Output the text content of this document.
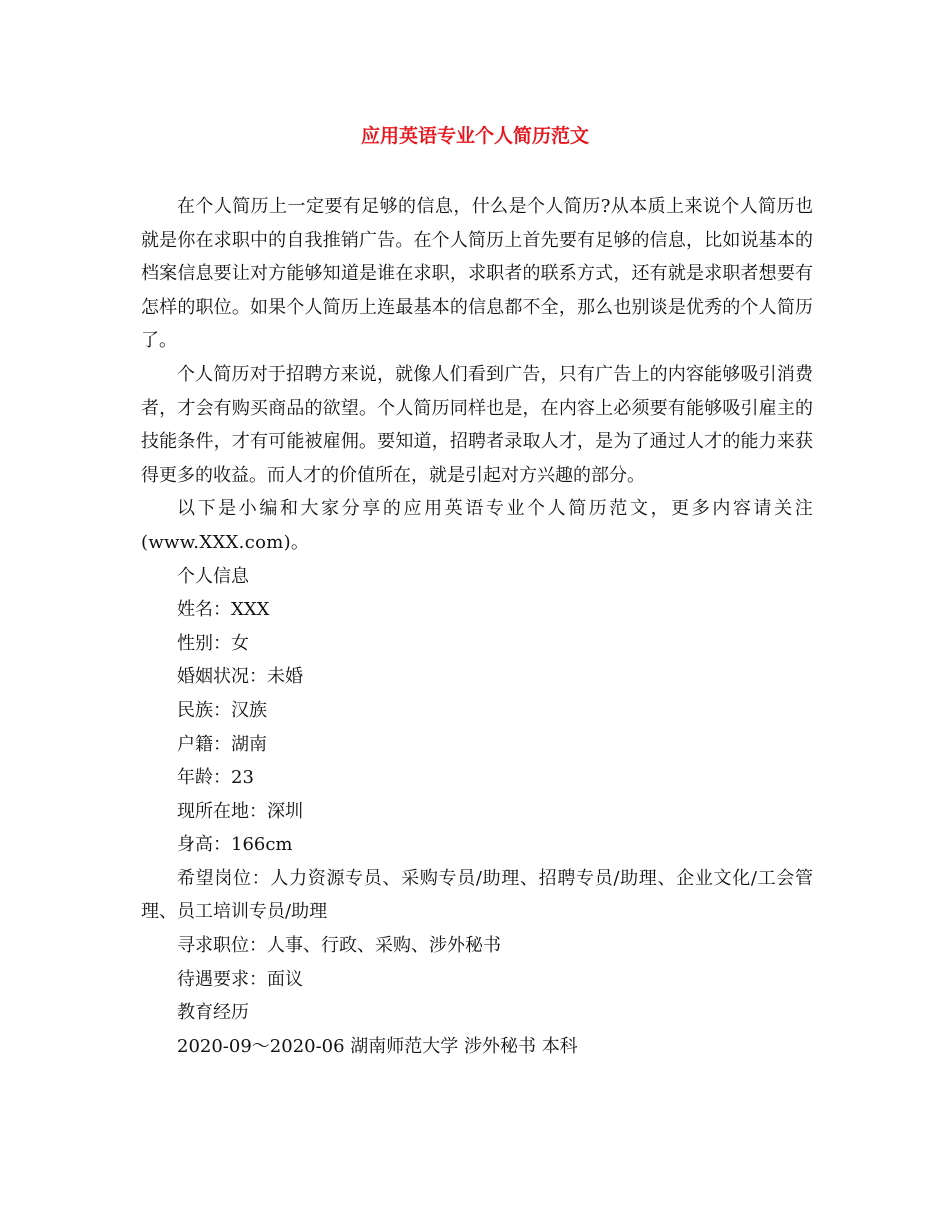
应用英语专业个人简历范文

在个人简历上一定要有足够的信息，什么是个人简历?从本质上来说个人简历也就是你在求职中的自我推销广告。在个人简历上首先要有足够的信息，比如说基本的档案信息要让对方能够知道是谁在求职，求职者的联系方式，还有就是求职者想要有怎样的职位。如果个人简历上连最基本的信息都不全，那么也别谈是优秀的个人简历了。

个人简历对于招聘方来说，就像人们看到广告，只有广告上的内容能够吸引消费者，才会有购买商品的欲望。个人简历同样也是，在内容上必须要有能够吸引雇主的技能条件，才有可能被雇佣。要知道，招聘者录取人才，是为了通过人才的能力来获得更多的收益。而人才的价值所在，就是引起对方兴趣的部分。

以下是小编和大家分享的应用英语专业个人简历范文，更多内容请关注(www.XXX.com)。

个人信息

姓名：XXX

性别：女

婚姻状况：未婚

民族：汉族

户籍：湖南

年龄：23

现所在地：深圳

身高：166cm

希望岗位：人力资源专员、采购专员/助理、招聘专员/助理、企业文化/工会管理、员工培训专员/助理

寻求职位：人事、行政、采购、涉外秘书

待遇要求：面议

教育经历

2020-09～2020-06 湖南师范大学 涉外秘书 本科
